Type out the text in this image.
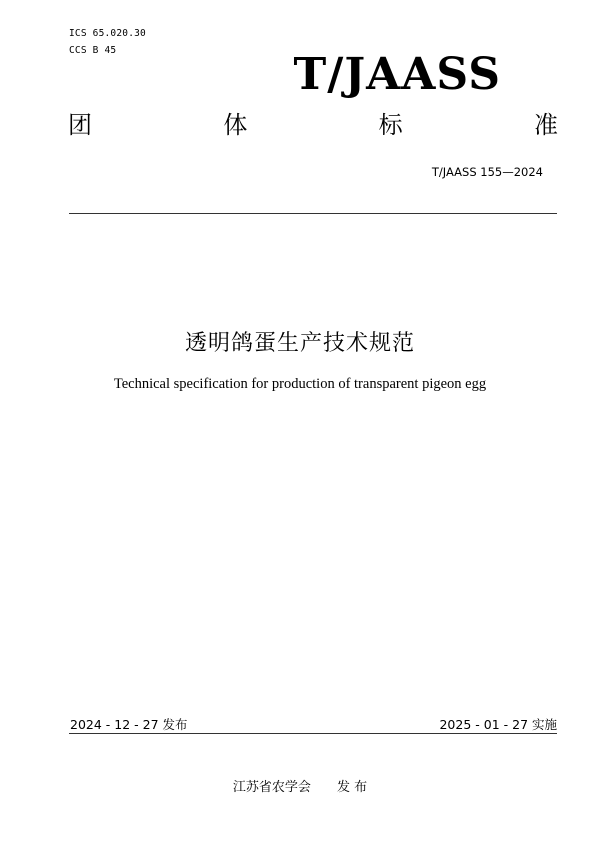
ICS 65.020.30
CCS B 45	T/JAASS
团	体	标	准
T/JAASS 155—2024
透明鸽蛋生产技术规范
Technical specification for production of transparent pigeon egg
2024 - 12 - 27 发布	2025 - 01 - 27 实施
江苏省农学会 发 布
